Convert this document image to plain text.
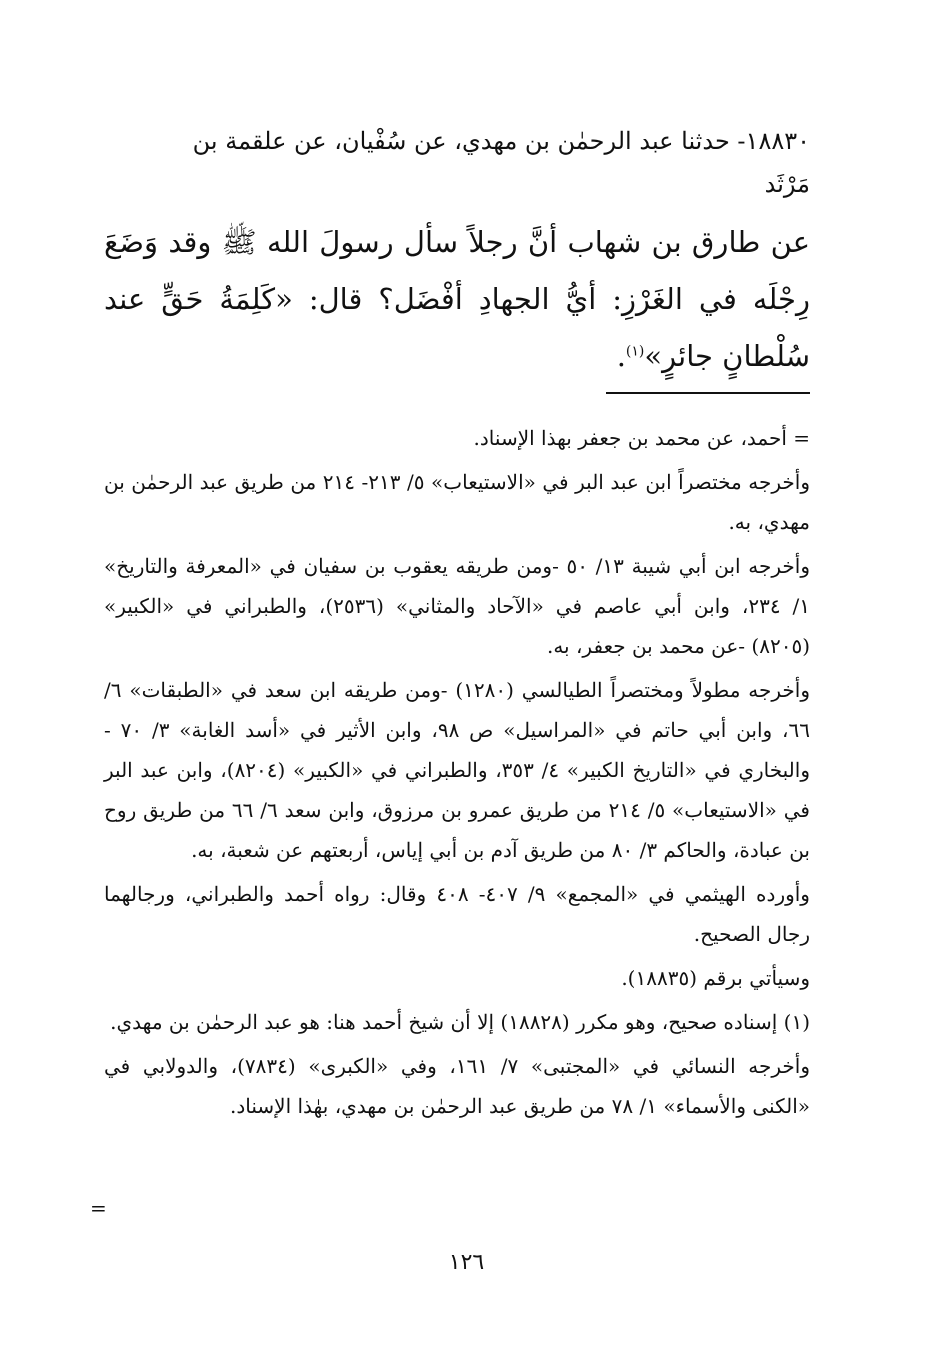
١٨٨٣٠- حدثنا عبد الرحمٰن بن مهدي، عن سُفْيان، عن علقمة بن

مَرْثَد

عن طارق بن شهاب أنَّ رجلاً سأل رسولَ الله ﷺ وقد وَضَعَ رِجْلَه في الغَرْزِ: أيُّ الجهادِ أفْضَل؟ قال: «كَلِمَةُ حَقٍّ عند سُلْطانٍ جائرٍ»$^{(١)}$.

= أحمد، عن محمد بن جعفر بهذا الإسناد.

وأخرجه مختصراً ابن عبد البر في «الاستيعاب» ٥/ ٢١٣- ٢١٤ من طريق عبد الرحمٰن بن مهدي، به.

وأخرجه ابن أبي شيبة ١٣/ ٥٠ -ومن طريقه يعقوب بن سفيان في «المعرفة والتاريخ» ١/ ٢٣٤، وابن أبي عاصم في «الآحاد والمثاني» (٢٥٣٦)، والطبراني في «الكبير» (٨٢٠٥) -عن محمد بن جعفر، به.

وأخرجه مطولاً ومختصراً الطيالسي (١٢٨٠) -ومن طريقه ابن سعد في «الطبقات» ٦/ ٦٦، وابن أبي حاتم في «المراسيل» ص ٩٨، وابن الأثير في «أسد الغابة» ٣/ ٧٠ - والبخاري في «التاريخ الكبير» ٤/ ٣٥٣، والطبراني في «الكبير» (٨٢٠٤)، وابن عبد البر في «الاستيعاب» ٥/ ٢١٤ من طريق عمرو بن مرزوق، وابن سعد ٦/ ٦٦ من طريق روح بن عبادة، والحاكم ٣/ ٨٠ من طريق آدم بن أبي إياس، أربعتهم عن شعبة، به.

وأورده الهيثمي في «المجمع» ٩/ ٤٠٧- ٤٠٨ وقال: رواه أحمد والطبراني، ورجالهما رجال الصحيح.

وسيأتي برقم (١٨٨٣٥).

(١) إسناده صحيح، وهو مكرر (١٨٨٢٨) إلا أن شيخ أحمد هنا: هو عبد الرحمٰن بن مهدي.

وأخرجه النسائي في «المجتبى» ٧/ ١٦١، وفي «الكبرى» (٧٨٣٤)، والدولابي في «الكنى والأسماء» ١/ ٧٨ من طريق عبد الرحمٰن بن مهدي، بهٰذا الإسناد.

=
١٢٦
